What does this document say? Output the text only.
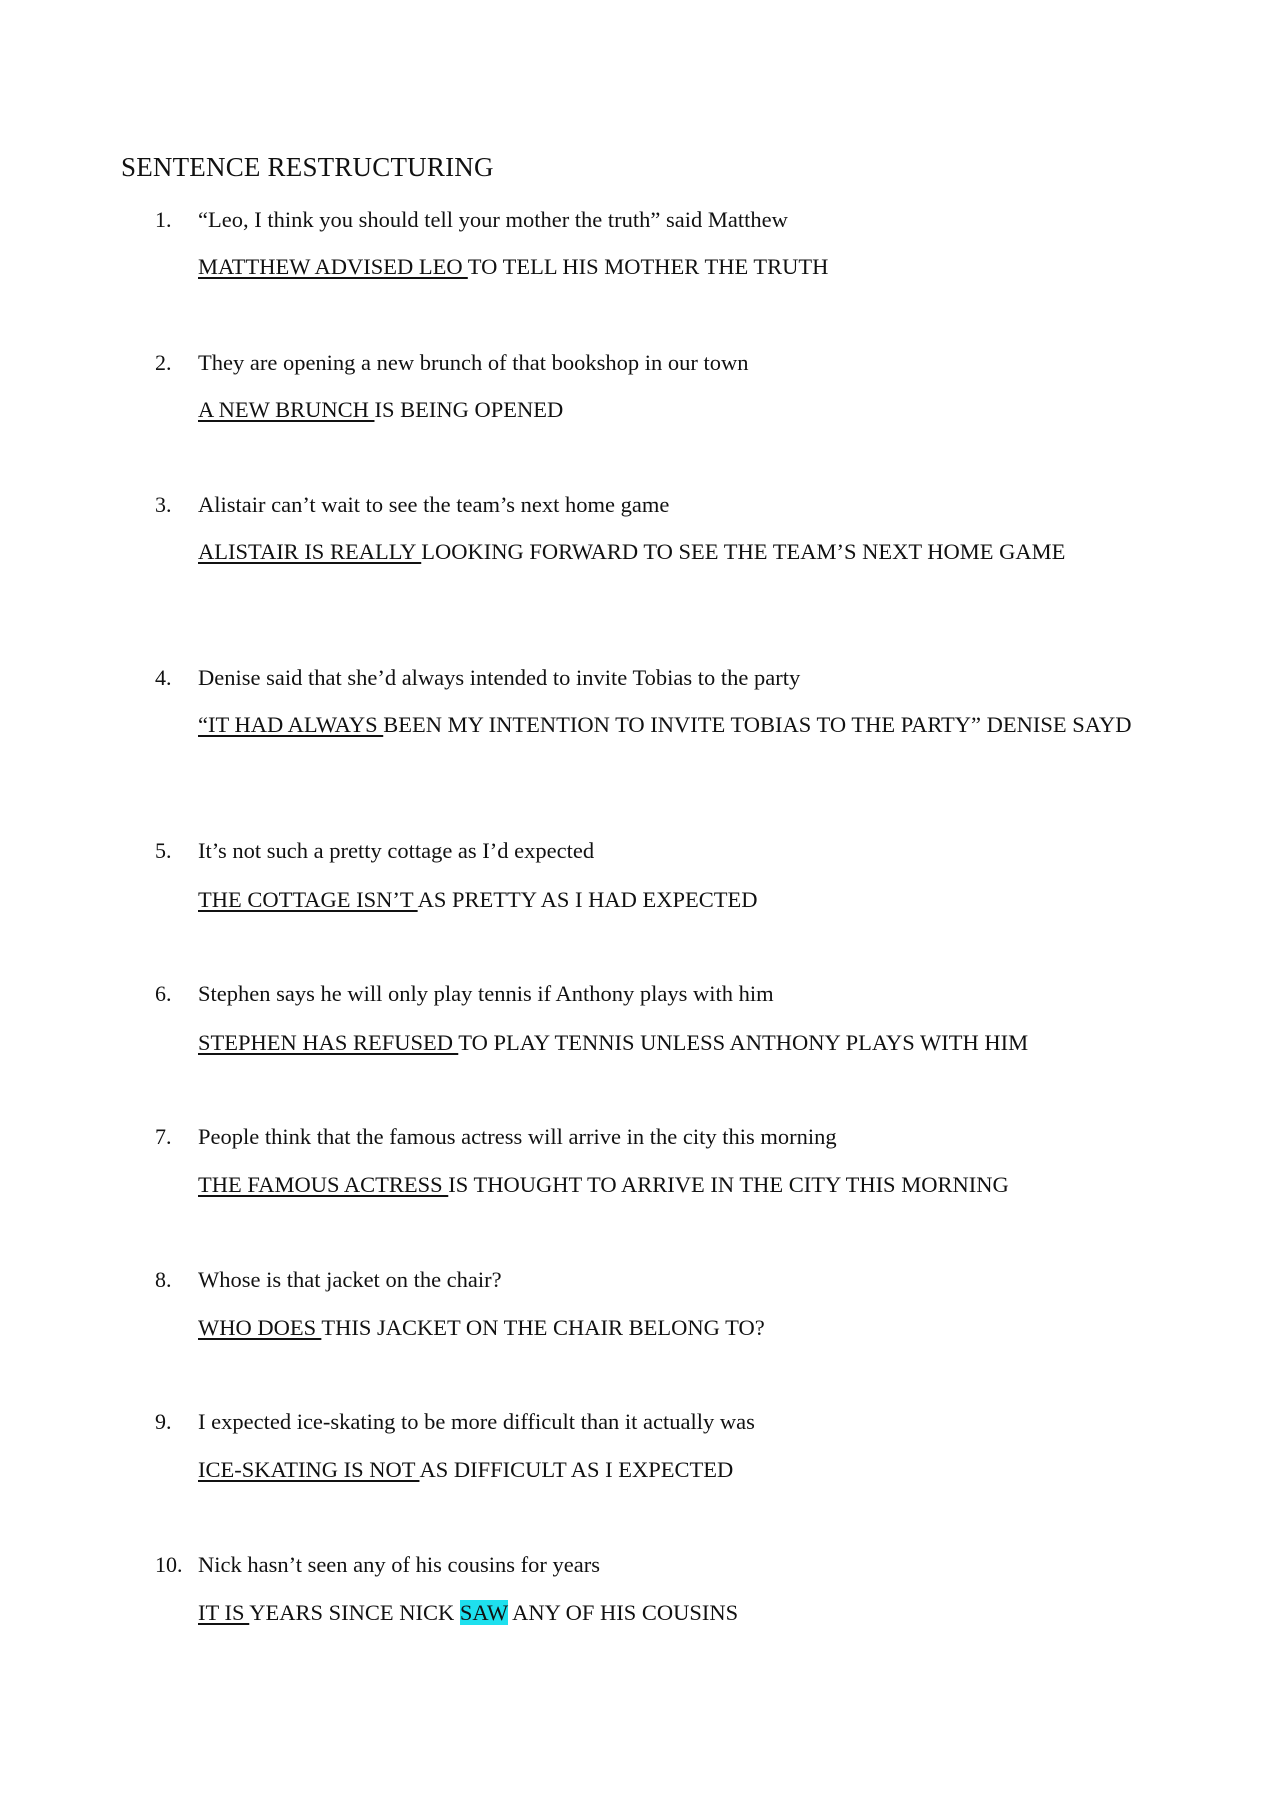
SENTENCE RESTRUCTURING
1.	“Leo, I think you should tell your mother the truth” said Matthew
MATTHEW ADVISED LEO TO TELL HIS MOTHER THE TRUTH
2.	They are opening a new brunch of that bookshop in our town
A NEW BRUNCH IS BEING OPENED
3.	Alistair can’t wait to see the team’s next home game
ALISTAIR IS REALLY LOOKING FORWARD TO SEE THE TEAM’S NEXT HOME GAME
4.	Denise said that she’d always intended to invite Tobias to the party
“IT HAD ALWAYS BEEN MY INTENTION TO INVITE TOBIAS TO THE PARTY” DENISE SAYD
5.	It’s not such a pretty cottage as I’d expected
THE COTTAGE ISN’T AS PRETTY AS I HAD EXPECTED
6.	Stephen says he will only play tennis if Anthony plays with him
STEPHEN HAS REFUSED TO PLAY TENNIS UNLESS ANTHONY PLAYS WITH HIM
7.	People think that the famous actress will arrive in the city this morning
THE FAMOUS ACTRESS IS THOUGHT TO ARRIVE IN THE CITY THIS MORNING
8.	Whose is that jacket on the chair?
WHO DOES THIS JACKET ON THE CHAIR BELONG TO?
9.	I expected ice-skating to be more difficult than it actually was
ICE-SKATING IS NOT AS DIFFICULT AS I EXPECTED
10. Nick hasn’t seen any of his cousins for years
IT IS YEARS SINCE NICK SAW ANY OF HIS COUSINS
